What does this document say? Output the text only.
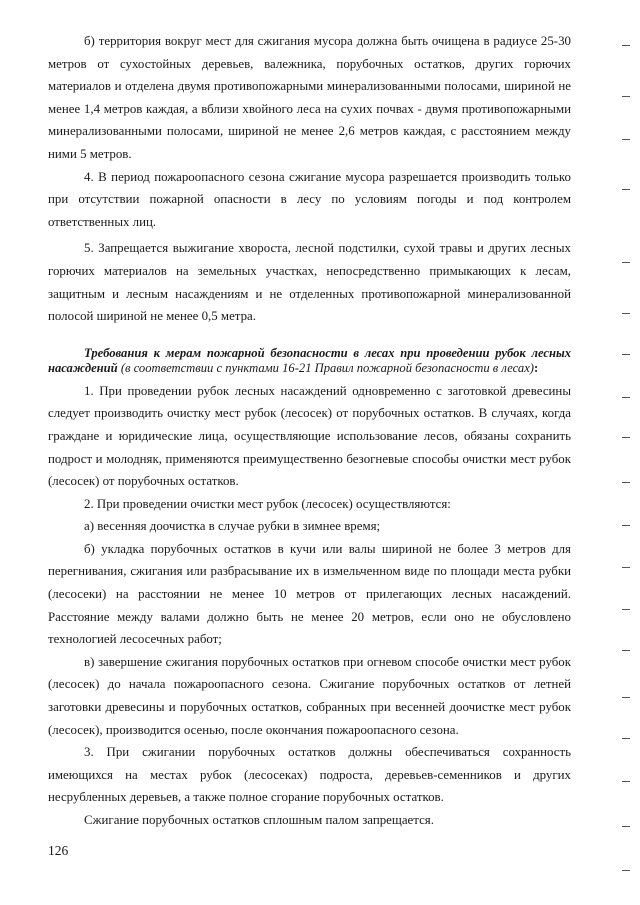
б) территория вокруг мест для сжигания мусора должна быть очищена в радиусе 25-30 метров от сухостойных деревьев, валежника, порубочных остатков, других горючих материалов и отделена двумя противопожарными минерализованными полосами, шириной не менее 1,4 метров каждая, а вблизи хвойного леса на сухих почвах - двумя противопожарными минерализованными полосами, шириной не менее 2,6 метров каждая, с расстоянием между ними 5 метров.

4. В период пожароопасного сезона сжигание мусора разрешается производить только при отсутствии пожарной опасности в лесу по условиям погоды и под контролем ответственных лиц.

5. Запрещается выжигание хвороста, лесной подстилки, сухой травы и других лесных горючих материалов на земельных участках, непосредственно примыкающих к лесам, защитным и лесным насаждениям и не отделенных противопожарной минерализованной полосой шириной не менее 0,5 метра.

Требования к мерам пожарной безопасности в лесах при проведении рубок лесных насаждений (в соответствии с пунктами 16-21 Правил пожарной безопасности в лесах):

1. При проведении рубок лесных насаждений одновременно с заготовкой древесины следует производить очистку мест рубок (лесосек) от порубочных остатков. В случаях, когда граждане и юридические лица, осуществляющие использование лесов, обязаны сохранить подрост и молодняк, применяются преимущественно безогневые способы очистки мест рубок (лесосек) от порубочных остатков.

2. При проведении очистки мест рубок (лесосек) осуществляются:

а) весенняя доочистка в случае рубки в зимнее время;

б) укладка порубочных остатков в кучи или валы шириной не более 3 метров для перегнивания, сжигания или разбрасывание их в измельченном виде по площади места рубки (лесосеки) на расстоянии не менее 10 метров от прилегающих лесных насаждений. Расстояние между валами должно быть не менее 20 метров, если оно не обусловлено технологией лесосечных работ;

в) завершение сжигания порубочных остатков при огневом способе очистки мест рубок (лесосек) до начала пожароопасного сезона. Сжигание порубочных остатков от летней заготовки древесины и порубочных остатков, собранных при весенней доочистке мест рубок (лесосек), производится осенью, после окончания пожароопасного сезона.

3. При сжигании порубочных остатков должны обеспечиваться сохранность имеющихся на местах рубок (лесосеках) подроста, деревьев-семенников и других несрубленных деревьев, а также полное сгорание порубочных остатков.

Сжигание порубочных остатков сплошным палом запрещается.

126
